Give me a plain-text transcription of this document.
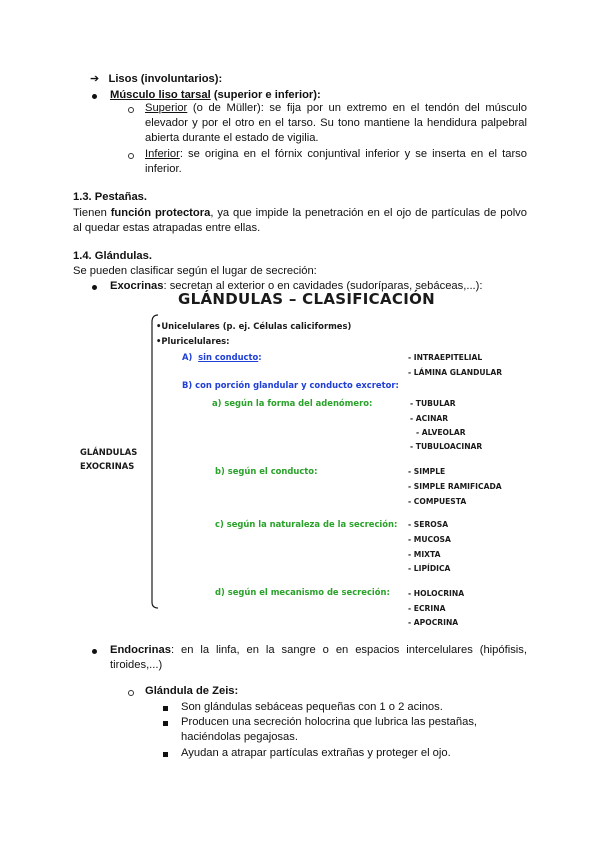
➔ Lisos (involuntarios):
Músculo liso tarsal (superior e inferior):
Superior (o de Müller): se fija por un extremo en el tendón del músculo elevador y por el otro en el tarso. Su tono mantiene la hendidura palpebral abierta durante el estado de vigilia.
Inferior: se origina en el fórnix conjuntival inferior y se inserta en el tarso inferior.
1.3. Pestañas.
Tienen función protectora, ya que impide la penetración en el ojo de partículas de polvo al quedar estas atrapadas entre ellas.
1.4. Glándulas.
Se pueden clasificar según el lugar de secreción:
Exocrinas: secretan al exterior o en cavidades (sudoríparas, sebáceas,...):
GLÁNDULAS – CLASIFICACIÓN
GLÁNDULAS
EXOCRINAS
•Unicelulares (p. ej. Células caliciformes)
•Pluricelulares:
A) sin conducto:	- INTRAEPITELIAL
- LÁMINA GLANDULAR
B) con porción glandular y conducto excretor:
a) según la forma del adenómero:	- TUBULAR
- ACINAR
- ALVEOLAR
- TUBULOACINAR
b) según el conducto:	- SIMPLE
- SIMPLE RAMIFICADA
- COMPUESTA
c) según la naturaleza de la secreción: - SEROSA
- MUCOSA
- MIXTA
- LIPÍDICA
d) según el mecanismo de secreción: - HOLOCRINA
- ECRINA
- APOCRINA
Endocrinas: en la linfa, en la sangre o en espacios intercelulares (hipófisis, tiroides,...)
Glándula de Zeis:
Son glándulas sebáceas pequeñas con 1 o 2 acinos.
Producen una secreción holocrina que lubrica las pestañas, haciéndolas pegajosas.
Ayudan a atrapar partículas extrañas y proteger el ojo.
